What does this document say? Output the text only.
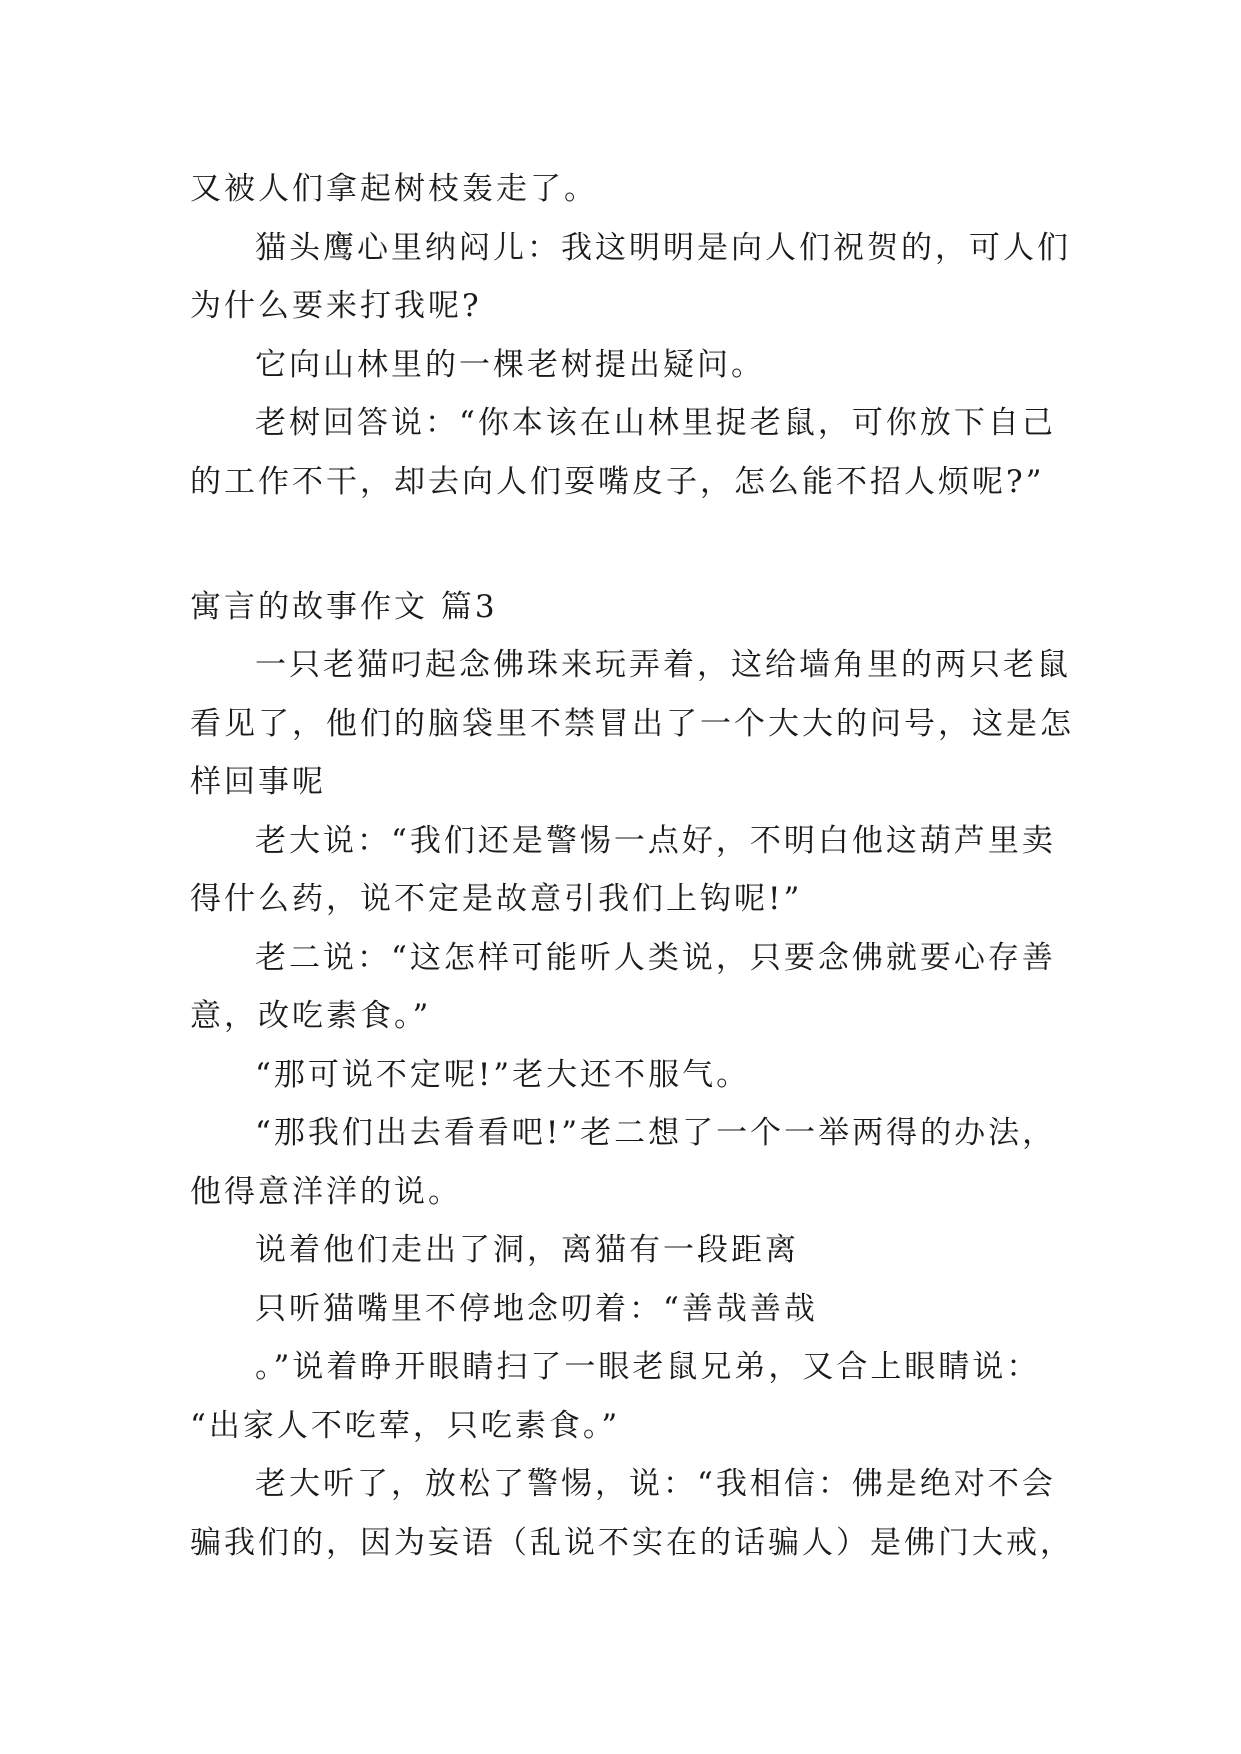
又被人们拿起树枝轰走了。
猫头鹰心里纳闷儿：我这明明是向人们祝贺的，可人们
为什么要来打我呢?
它向山林里的一棵老树提出疑问。
老树回答说：“你本该在山林里捉老鼠，可你放下自己
的工作不干，却去向人们耍嘴皮子，怎么能不招人烦呢?”
寓言的故事作文 篇3
一只老猫叼起念佛珠来玩弄着，这给墙角里的两只老鼠
看见了，他们的脑袋里不禁冒出了一个大大的问号，这是怎
样回事呢
老大说：“我们还是警惕一点好，不明白他这葫芦里卖
得什么药，说不定是故意引我们上钩呢!”
老二说：“这怎样可能听人类说，只要念佛就要心存善
意，改吃素食。”
“那可说不定呢!”老大还不服气。
“那我们出去看看吧!”老二想了一个一举两得的办法，
他得意洋洋的说。
说着他们走出了洞，离猫有一段距离
只听猫嘴里不停地念叨着：“善哉善哉
。”说着睁开眼睛扫了一眼老鼠兄弟，又合上眼睛说：
“出家人不吃荤，只吃素食。”
老大听了，放松了警惕，说：“我相信：佛是绝对不会
骗我们的，因为妄语（乱说不实在的话骗人）是佛门大戒，
